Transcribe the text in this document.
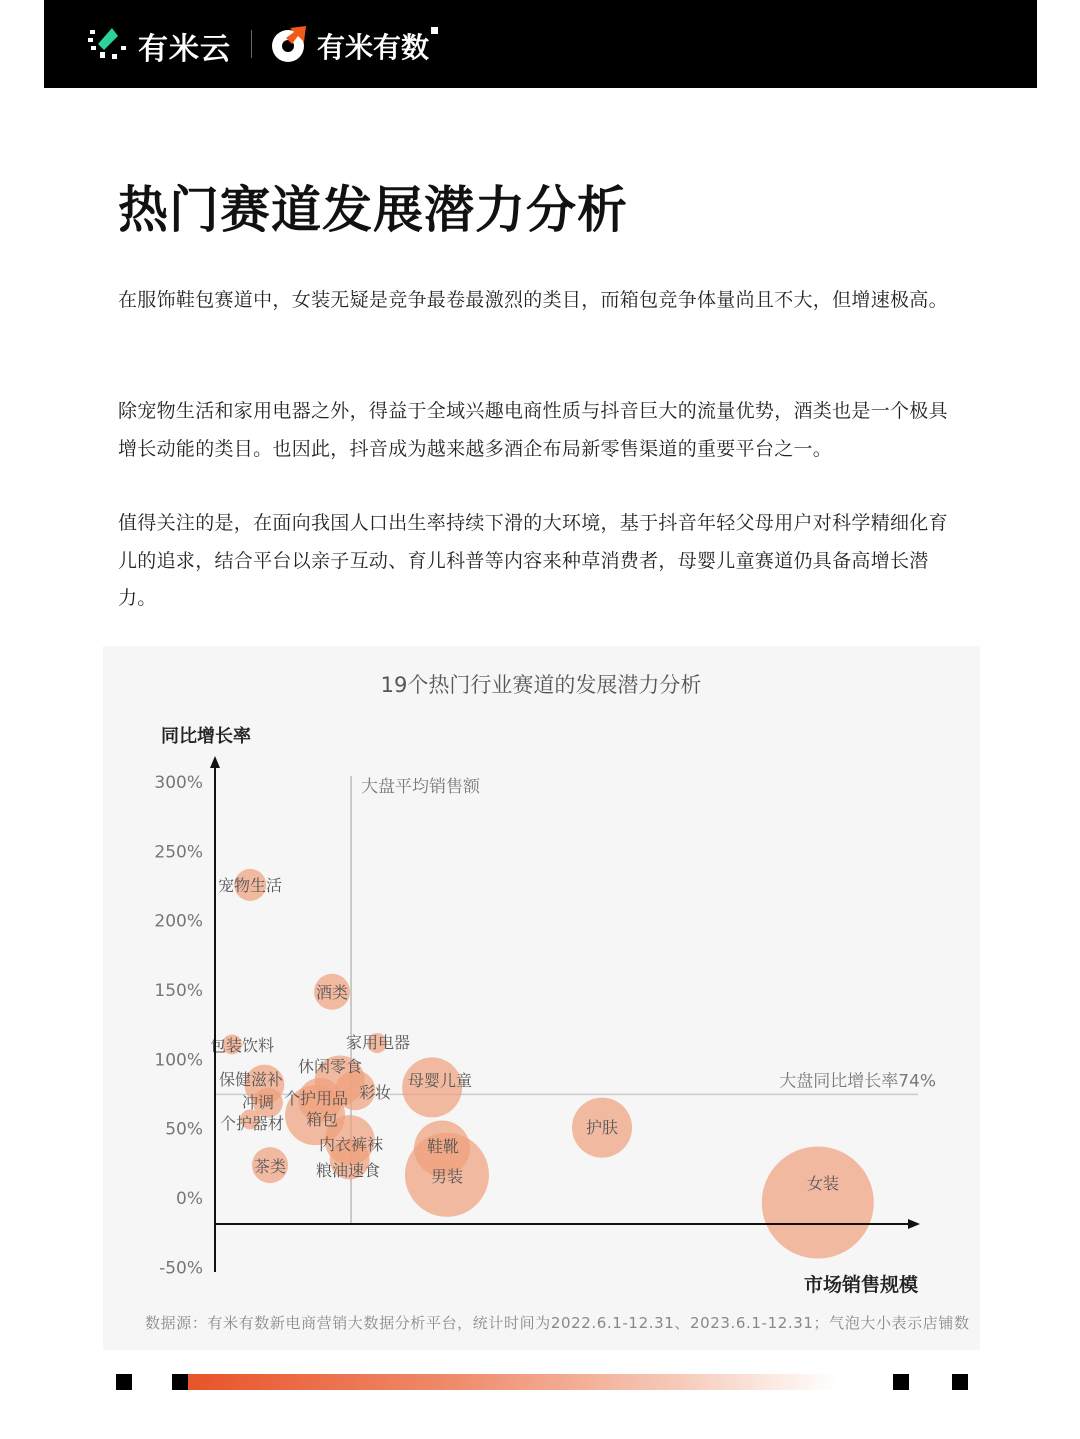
有米云	有米有数
热门赛道发展潜力分析

在服饰鞋包赛道中，女装无疑是竞争最卷最激烈的类目，而箱包竞争体量尚且不大，但增速极高。

除宠物生活和家用电器之外，得益于全域兴趣电商性质与抖音巨大的流量优势，酒类也是一个极具增长动能的类目。也因此，抖音成为越来越多酒企布局新零售渠道的重要平台之一。

值得关注的是，在面向我国人口出生率持续下滑的大环境，基于抖音年轻父母用户对科学精细化育儿的追求，结合平台以亲子互动、育儿科普等内容来种草消费者，母婴儿童赛道仍具备高增长潜力。

19个热门行业赛道的发展潜力分析
同比增长率
市场销售规模
300%
250%
200%
150%
100%
50%
0%
-50%
大盘平均销售额
大盘同比增长率74%
宠物生活
酒类
包装饮料	家用电器
休闲零食
保健滋补
彩妆
冲调 个护用品
箱包
个护器材
内衣裤袜
粮油速食
茶类
母婴儿童
鞋靴
男装
护肤
女装
数据源：有米有数新电商营销大数据分析平台，统计时间为2022.6.1-12.31、2023.6.1-12.31；气泡大小表示店铺数
